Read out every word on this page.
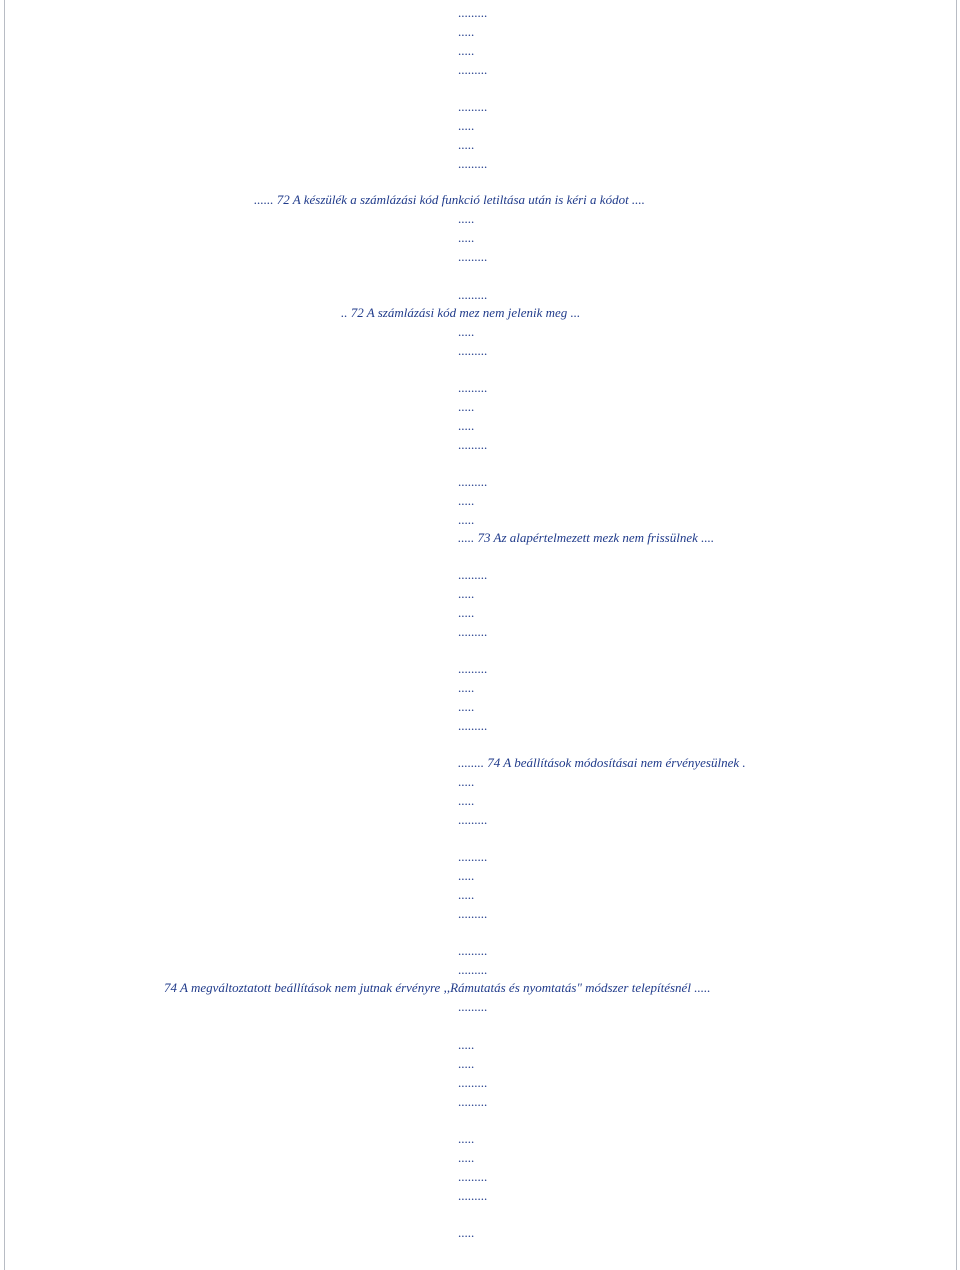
.........
.....
.....
.........
.........
.....
.....
.........
...... 72 A készülék a számlázási kód funkció letiltása után is kéri a kódot ....
.....
.....
.........
.........
.. 72 A számlázási kód mez nem jelenik meg ...
.....
.........
.........
.....
.....
.........
.........
.....
.....
..... 73 Az alapértelmezett mezk nem frissülnek ....
.........
.....
.....
.........
.........
.....
.....
.........
........ 74 A beállítások módosításai nem érvényesülnek .
.....
.....
.........
.........
.....
.....
.........
.........
.........
74 A megváltoztatott beállítások nem jutnak érvényre ,,Rámutatás és nyomtatás" módszer telepítésnél .....
.........
.....
.....
.........
.........
.....
.....
.........
.........
.....
